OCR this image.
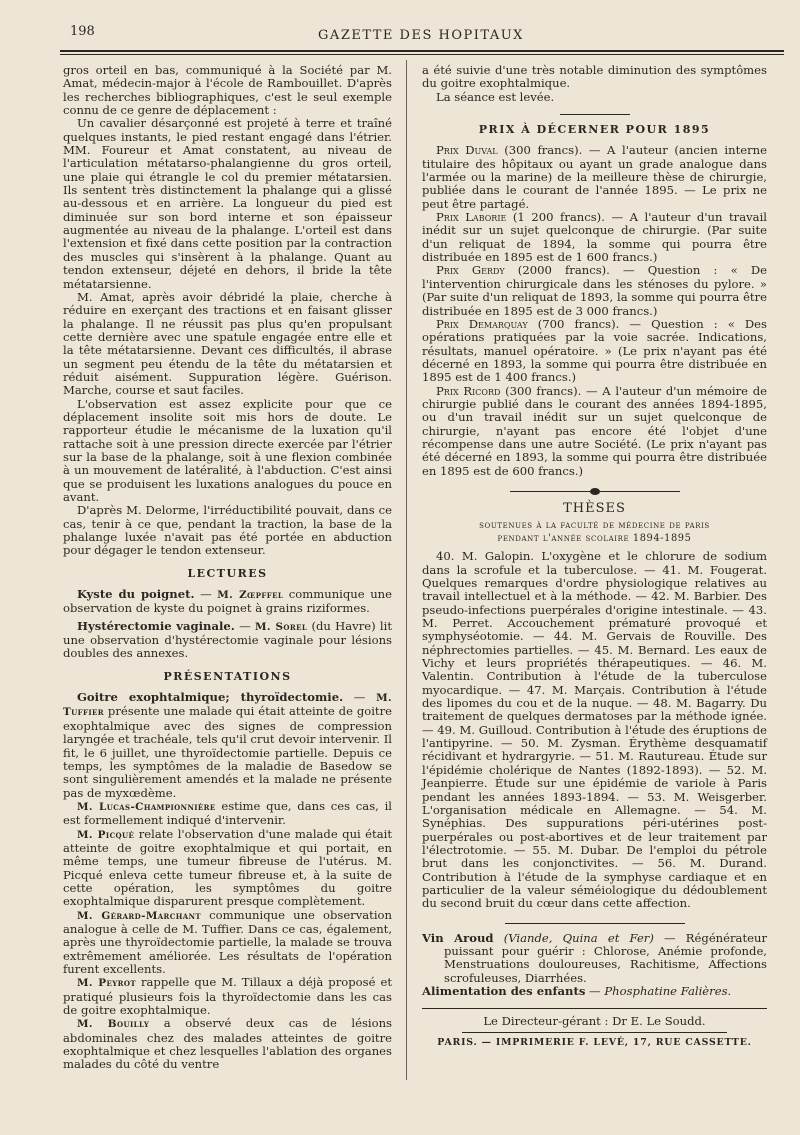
198	GAZETTE DES HOPITAUX

gros orteil en bas, communiqué à la Société par M. Amat, médecin-major à l'école de Rambouillet. D'après les recherches bibliographiques, c'est le seul exemple connu de ce genre de déplacement :

Un cavalier désarçonné est projeté à terre et traîné quelques instants, le pied restant engagé dans l'étrier. MM. Foureur et Amat constatent, au niveau de l'articulation métatarso-phalangienne du gros orteil, une plaie qui étrangle le col du premier métatarsien. Ils sentent très distinctement la phalange qui a glissé au-dessous et en arrière. La longueur du pied est diminuée sur son bord interne et son épaisseur augmentée au niveau de la phalange. L'orteil est dans l'extension et fixé dans cette position par la contraction des muscles qui s'insèrent à la phalange. Quant au tendon extenseur, déjeté en dehors, il bride la tête métatarsienne.

M. Amat, après avoir débridé la plaie, cherche à réduire en exerçant des tractions et en faisant glisser la phalange. Il ne réussit pas plus qu'en propulsant cette dernière avec une spatule engagée entre elle et la tête métatarsienne. Devant ces difficultés, il abrase un segment peu étendu de la tête du métatarsien et réduit aisément. Suppuration légère. Guérison. Marche, course et saut faciles.

L'observation est assez explicite pour que ce déplacement insolite soit mis hors de doute. Le rapporteur étudie le mécanisme de la luxation qu'il rattache soit à une pression directe exercée par l'étrier sur la base de la phalange, soit à une flexion combinée à un mouvement de latéralité, à l'abduction. C'est ainsi que se produisent les luxations analogues du pouce en avant.

D'après M. Delorme, l'irréductibilité pouvait, dans ce cas, tenir à ce que, pendant la traction, la base de la phalange luxée n'avait pas été portée en abduction pour dégager le tendon extenseur.

LECTURES

Kyste du poignet. — M. Zœpffel communique une observation de kyste du poignet à grains riziformes.

Hystérectomie vaginale. — M. Sorel (du Havre) lit une observation d'hystérectomie vaginale pour lésions doubles des annexes.

PRÉSENTATIONS

Goitre exophtalmique; thyroïdectomie. — M. Tuffier présente une malade qui était atteinte de goitre exophtalmique avec des signes de compression laryngée et trachéale, tels qu'il crut devoir intervenir. Il fit, le 6 juillet, une thyroïdectomie partielle. Depuis ce temps, les symptômes de la maladie de Basedow se sont singulièrement amendés et la malade ne présente pas de myxœdème.

M. Lucas-Championnière estime que, dans ces cas, il est formellement indiqué d'intervenir.

M. Picqué relate l'observation d'une malade qui était atteinte de goitre exophtalmique et qui portait, en même temps, une tumeur fibreuse de l'utérus. M. Picqué enleva cette tumeur fibreuse et, à la suite de cette opération, les symptômes du goitre exophtalmique disparurent presque complètement.

M. Gérard-Marchant communique une observation analogue à celle de M. Tuffier. Dans ce cas, également, après une thyroïdectomie partielle, la malade se trouva extrêmement améliorée. Les résultats de l'opération furent excellents.

M. Peyrot rappelle que M. Tillaux a déjà proposé et pratiqué plusieurs fois la thyroïdectomie dans les cas de goitre exophtalmique.

M. Bouilly a observé deux cas de lésions abdominales chez des malades atteintes de goitre exophtalmique et chez lesquelles l'ablation des organes malades du côté du ventre

a été suivie d'une très notable diminution des symptômes du goitre exophtalmique.

La séance est levée.

PRIX À DÉCERNER POUR 1895

Prix Duval (300 francs). — A l'auteur (ancien interne titulaire des hôpitaux ou ayant un grade analogue dans l'armée ou la marine) de la meilleure thèse de chirurgie, publiée dans le courant de l'année 1895. — Le prix ne peut être partagé.

Prix Laborie (1 200 francs). — A l'auteur d'un travail inédit sur un sujet quelconque de chirurgie. (Par suite d'un reliquat de 1894, la somme qui pourra être distribuée en 1895 est de 1 600 francs.)

Prix Gerdy (2000 francs). — Question : « De l'intervention chirurgicale dans les sténoses du pylore. » (Par suite d'un reliquat de 1893, la somme qui pourra être distribuée en 1895 est de 3 000 francs.)

Prix Demarquay (700 francs). — Question : « Des opérations pratiquées par la voie sacrée. Indications, résultats, manuel opératoire. » (Le prix n'ayant pas été décerné en 1893, la somme qui pourra être distribuée en 1895 est de 1 400 francs.)

Prix Ricord (300 francs). — A l'auteur d'un mémoire de chirurgie publié dans le courant des années 1894-1895, ou d'un travail inédit sur un sujet quelconque de chirurgie, n'ayant pas encore été l'objet d'une récompense dans une autre Société. (Le prix n'ayant pas été décerné en 1893, la somme qui pourra être distribuée en 1895 est de 600 francs.)

THÈSES
soutenues à la faculté de médecine de paris
pendant l'année scolaire 1894-1895

40. M. Galopin. L'oxygène et le chlorure de sodium dans la scrofule et la tuberculose. — 41. M. Fougerat. Quelques remarques d'ordre physiologique relatives au travail intellectuel et à la méthode. — 42. M. Barbier. Des pseudo-infections puerpérales d'origine intestinale. — 43. M. Perret. Accouchement prématuré provoqué et symphyséotomie. — 44. M. Gervais de Rouville. Des néphrectomies partielles. — 45. M. Bernard. Les eaux de Vichy et leurs propriétés thérapeutiques. — 46. M. Valentin. Contribution à l'étude de la tuberculose myocardique. — 47. M. Marçais. Contribution à l'étude des lipomes du cou et de la nuque. — 48. M. Bagarry. Du traitement de quelques dermatoses par la méthode ignée. — 49. M. Guilloud. Contribution à l'étude des éruptions de l'antipyrine. — 50. M. Zysman. Érythème desquamatif récidivant et hydrargyrie. — 51. M. Rautureau. Étude sur l'épidémie cholérique de Nantes (1892-1893). — 52. M. Jeanpierre. Étude sur une épidémie de variole à Paris pendant les années 1893-1894. — 53. M. Weisgerber. L'organisation médicale en Allemagne. — 54. M. Synéphias. Des suppurations péri-utérines post-puerpérales ou post-abortives et de leur traitement par l'électrotomie. — 55. M. Dubar. De l'emploi du pétrole brut dans les conjonctivites. — 56. M. Durand. Contribution à l'étude de la symphyse cardiaque et en particulier de la valeur séméiologique du dédoublement du second bruit du cœur dans cette affection.

Vin Aroud (Viande, Quina et Fer) — Régénérateur puissant pour guérir : Chlorose, Anémie profonde, Menstruations douloureuses, Rachitisme, Affections scrofuleuses, Diarrhées.

Alimentation des enfants — Phosphatine Falières.

Le Directeur-gérant : Dr E. Le Soudd.

PARIS. — IMPRIMERIE F. LEVÉ, 17, RUE CASSETTE.
